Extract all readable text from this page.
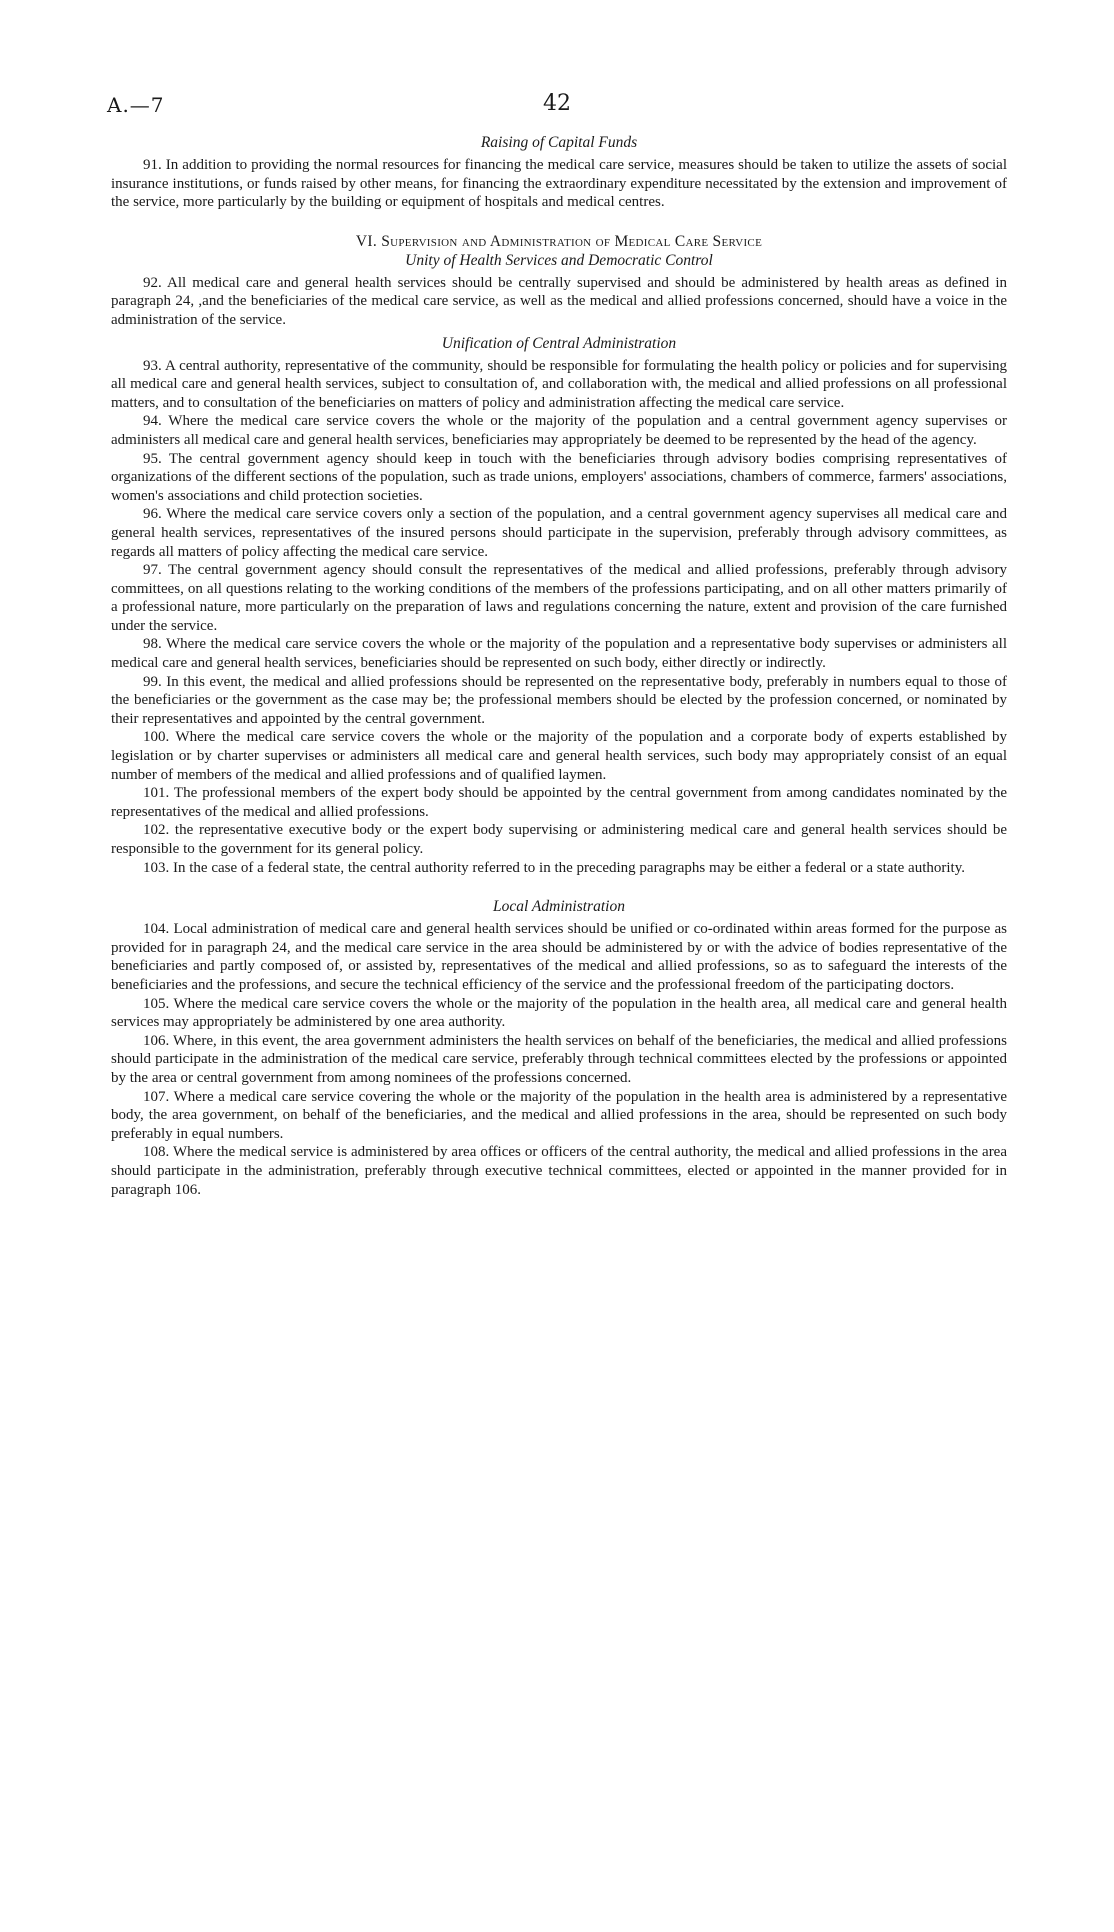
A.—7	42
Raising of Capital Funds

91. In addition to providing the normal resources for financing the medical care service, measures should be taken to utilize the assets of social insurance institutions, or funds raised by other means, for financing the extraordinary expenditure necessitated by the extension and improvement of the service, more particularly by the building or equipment of hospitals and medical centres.

VI. Supervision and Administration of Medical Care Service
Unity of Health Services and Democratic Control

92. All medical care and general health services should be centrally supervised and should be administered by health areas as defined in paragraph 24, ,and the beneficiaries of the medical care service, as well as the medical and allied professions concerned, should have a voice in the administration of the service.

Unification of Central Administration

93. A central authority, representative of the community, should be responsible for formulating the health policy or policies and for supervising all medical care and general health services, subject to consultation of, and collaboration with, the medical and allied professions on all professional matters, and to consultation of the beneficiaries on matters of policy and administration affecting the medical care service.

94. Where the medical care service covers the whole or the majority of the population and a central government agency supervises or administers all medical care and general health services, beneficiaries may appropriately be deemed to be represented by the head of the agency.

95. The central government agency should keep in touch with the beneficiaries through advisory bodies comprising representatives of organizations of the different sections of the population, such as trade unions, employers' associations, chambers of commerce, farmers' associations, women's associations and child protection societies.

96. Where the medical care service covers only a section of the population, and a central government agency supervises all medical care and general health services, representatives of the insured persons should participate in the supervision, preferably through advisory committees, as regards all matters of policy affecting the medical care service.

97. The central government agency should consult the representatives of the medical and allied professions, preferably through advisory committees, on all questions relating to the working conditions of the members of the professions participating, and on all other matters primarily of a professional nature, more particularly on the preparation of laws and regulations concerning the nature, extent and provision of the care furnished under the service.

98. Where the medical care service covers the whole or the majority of the population and a representative body supervises or administers all medical care and general health services, beneficiaries should be represented on such body, either directly or indirectly.

99. In this event, the medical and allied professions should be represented on the representative body, preferably in numbers equal to those of the beneficiaries or the government as the case may be; the professional members should be elected by the profession concerned, or nominated by their representatives and appointed by the central government.

100. Where the medical care service covers the whole or the majority of the population and a corporate body of experts established by legislation or by charter supervises or administers all medical care and general health services, such body may appropriately consist of an equal number of members of the medical and allied professions and of qualified laymen.

101. The professional members of the expert body should be appointed by the central government from among candidates nominated by the representatives of the medical and allied professions.

102. the representative executive body or the expert body supervising or administering medical care and general health services should be responsible to the government for its general policy.

103. In the case of a federal state, the central authority referred to in the preceding paragraphs may be either a federal or a state authority.

Local Administration

104. Local administration of medical care and general health services should be unified or co-ordinated within areas formed for the purpose as provided for in paragraph 24, and the medical care service in the area should be administered by or with the advice of bodies representative of the beneficiaries and partly composed of, or assisted by, representatives of the medical and allied professions, so as to safeguard the interests of the beneficiaries and the professions, and secure the technical efficiency of the service and the professional freedom of the participating doctors.

105. Where the medical care service covers the whole or the majority of the population in the health area, all medical care and general health services may appropriately be administered by one area authority.

106. Where, in this event, the area government administers the health services on behalf of the beneficiaries, the medical and allied professions should participate in the administration of the medical care service, preferably through technical committees elected by the professions or appointed by the area or central government from among nominees of the professions concerned.

107. Where a medical care service covering the whole or the majority of the population in the health area is administered by a representative body, the area government, on behalf of the beneficiaries, and the medical and allied professions in the area, should be represented on such body preferably in equal numbers.

108. Where the medical service is administered by area offices or officers of the central authority, the medical and allied professions in the area should participate in the administration, preferably through executive technical committees, elected or appointed in the manner provided for in paragraph 106.
